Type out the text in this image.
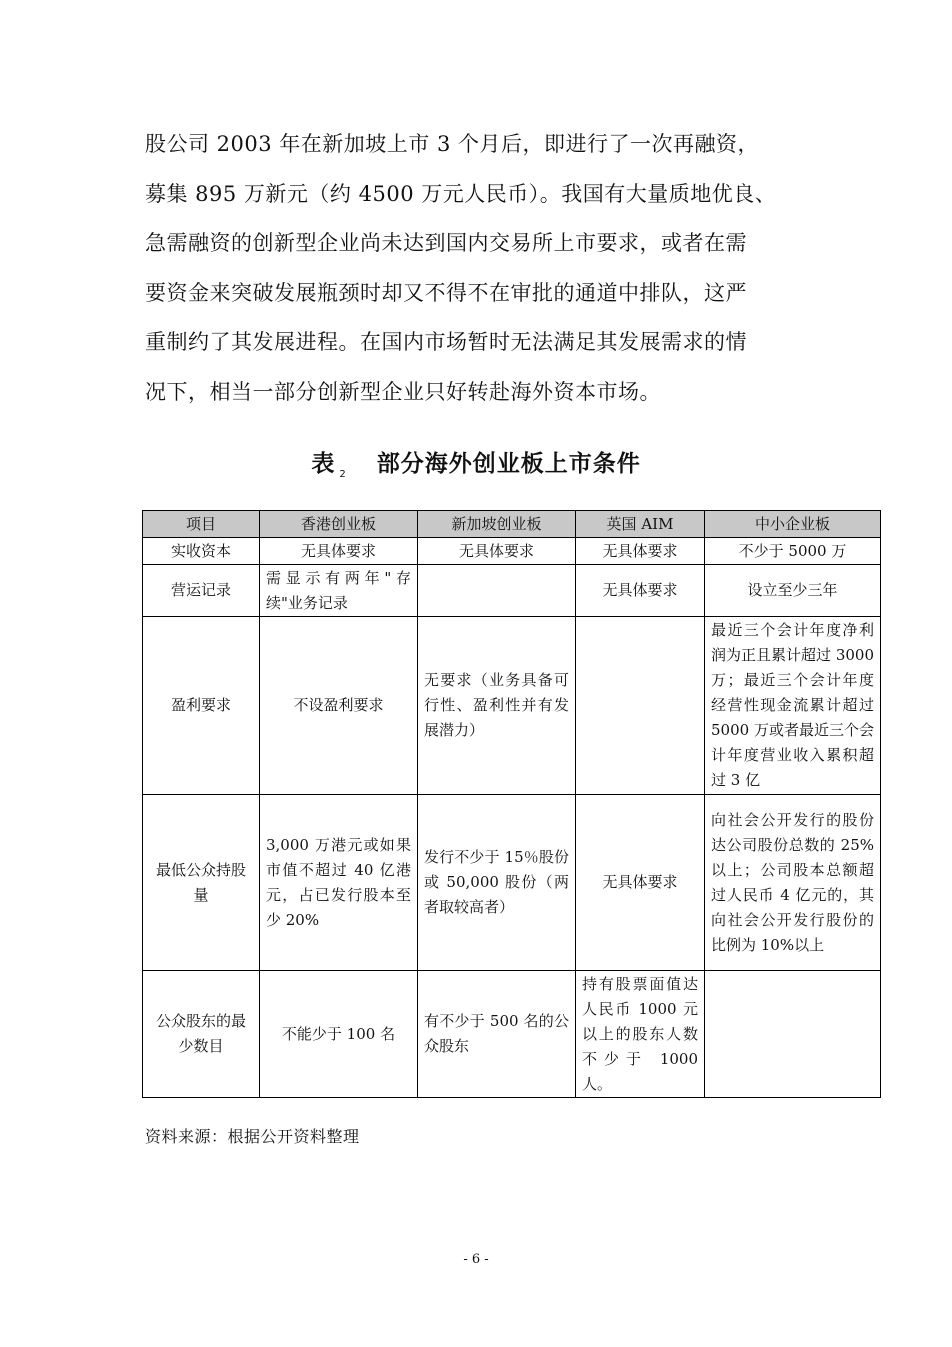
股公司 2003 年在新加坡上市 3 个月后，即进行了一次再融资，

募集 895 万新元（约 4500 万元人民币）。我国有大量质地优良、

急需融资的创新型企业尚未达到国内交易所上市要求，或者在需

要资金来突破发展瓶颈时却又不得不在审批的通道中排队，这严

重制约了其发展进程。在国内市场暂时无法满足其发展需求的情

况下，相当一部分创新型企业只好转赴海外资本市场。

表 $_2$ 部分海外创业板上市条件
项目	香港创业板	新加坡创业板	英国 AIM	中小企业板
实收资本	无具体要求	无具体要求	无具体要求	不少于 5000 万
营运记录	需显示有两年"存续"业务记录		无具体要求	设立至少三年
盈利要求	不设盈利要求	无要求（业务具备可行性、盈利性并有发展潜力）		最近三个会计年度净利润为正且累计超过 3000 万；最近三个会计年度经营性现金流累计超过 5000 万或者最近三个会计年度营业收入累积超过 3 亿
最低公众持股量	3,000 万港元或如果市值不超过 40 亿港元，占已发行股本至少 20%	发行不少于 15％股份或 50,000 股份（两者取较高者）	无具体要求	向社会公开发行的股份达公司股份总数的 25%以上；公司股本总额超过人民币 4 亿元的，其向社会公开发行股份的比例为 10%以上
公众股东的最少数目	不能少于 100 名	有不少于 500 名的公众股东	持有股票面值达人民币 1000 元以上的股东人数不少于 1000 人。	
资料来源：根据公开资料整理
- 6 -
